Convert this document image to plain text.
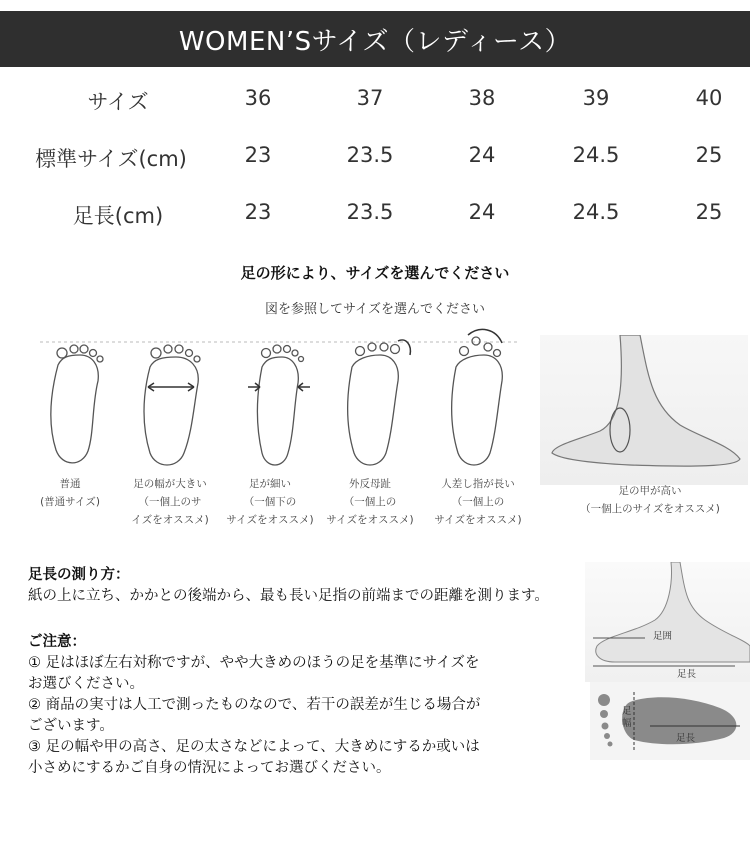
WOMEN’Sサイズ（レディース）
サイズ	36	37	38	39	40
標準サイズ(cm)	23	23.5	24	24.5	25
足長(cm)	23	23.5	24	24.5	25
足の形により、サイズを選んでください
図を参照してサイズを選んでください
普通
(普通サイズ)
足の幅が大きい
（一個上のサ
イズをオススメ)
足が細い
（一個下の
サイズをオススメ)
外反母趾
（一個上の
サイズをオススメ)
人差し指が長い
（一個上の
サイズをオススメ)
足の甲が高い
（一個上のサイズをオススメ)
足長の測り方：
紙の上に立ち、かかとの後端から、最も長い足指の前端までの距離を測ります。
足囲
足長
足幅
足長
ご注意：
① 足はほぼ左右対称ですが、やや大きめのほうの足を基準にサイズを
お選びください。
② 商品の実寸は人工で測ったものなので、若干の誤差が生じる場合が
ございます。
③ 足の幅や甲の高さ、足の太さなどによって、大きめにするか或いは
小さめにするかご自身の情況によってお選びください。
